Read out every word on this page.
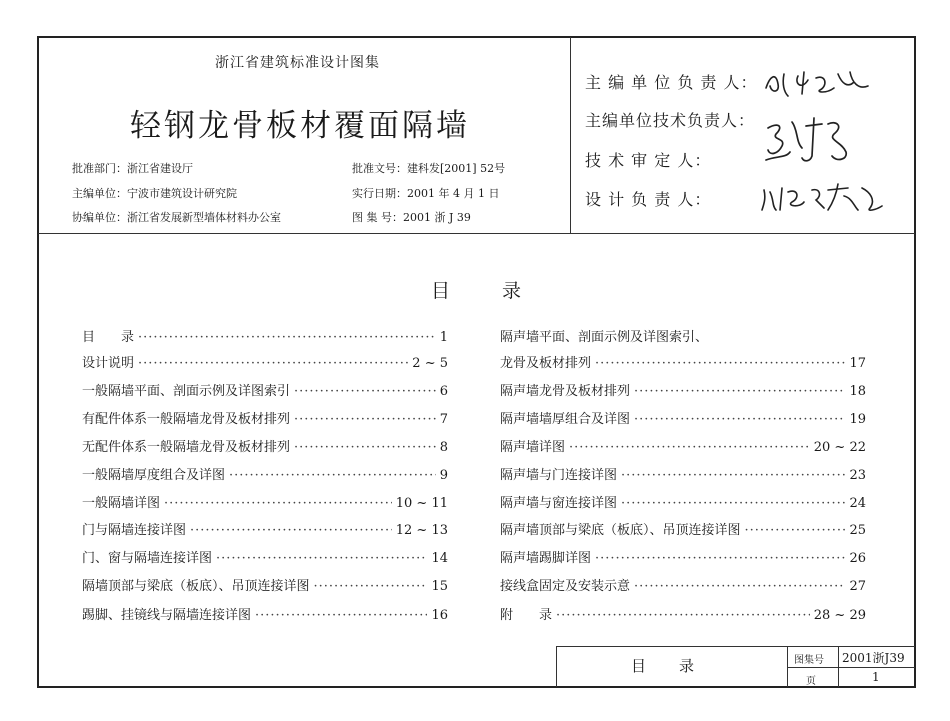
浙江省建筑标准设计图集
轻钢龙骨板材覆面隔墙
批准部门：浙江省建设厅
主编单位：宁波市建筑设计研究院
协编单位：浙江省发展新型墙体材料办公室
批准文号：建科发[2001] 52号
实行日期：2001 年 4 月 1 日
图 集 号：2001 浙 J 39
主 编 单 位 负 责 人：
主编单位技术负责人：
技 术 审 定 人：
设 计 负 责 人：
目	录
目　　录 ·····	1
设计说明 ·····	2 ~ 5
一般隔墙平面、剖面示例及详图索引 ·····	6
有配件体系一般隔墙龙骨及板材排列 ·····	7
无配件体系一般隔墙龙骨及板材排列 ·····	8
一般隔墙厚度组合及详图 ·····	9
一般隔墙详图 ·····	10 ~ 11
门与隔墙连接详图 ·····	12 ~ 13
门、窗与隔墙连接详图 ·····	14
隔墙顶部与梁底（板底）、吊顶连接详图 ·····	15
踢脚、挂镜线与隔墙连接详图 ·····	16
隔声墙平面、剖面示例及详图索引、
龙骨及板材排列 ·····	17
隔声墙龙骨及板材排列 ·····	18
隔声墙墙厚组合及详图 ·····	19
隔声墙详图 ·····	20 ~ 22
隔声墙与门连接详图 ·····	23
隔声墙与窗连接详图 ·····	24
隔声墙顶部与梁底（板底）、吊顶连接详图 ·····	25
隔声墙踢脚详图 ·····	26
接线盒固定及安装示意 ·····	27
附　　录 ·····	28 ~ 29
目　　录	图集号 2001浙J39
页	1
